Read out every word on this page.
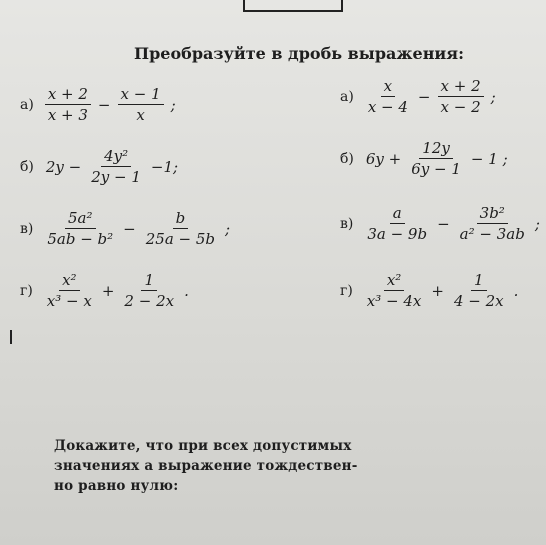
Преобразуйте в дробь выражения:
$а) \frac{x + 2}{x + 3} - \frac{x - 1}{x}$ ;
б) $2y - \frac{\text{4y²}}{2y - 1} -1$;
$в) \frac{\text{5a²}}{\text{5ab − b²}} - \frac{b}{25a - 5b}$ ;
$г) \frac{\text{x²}}{\text{x³ − x}} + \frac{1}{2 - 2x}$ .
$а) \frac{x}{x - 4} - \frac{x + 2}{x - 2}$ ;
б) $6y + \frac{12y}{6y - 1} - 1$ ;
$в) \frac{a}{3a - 9b} - \frac{\text{3b²}}{\text{a² − 3ab}}$ ;
$г) \frac{\text{x²}}{\text{x³ − 4x}} + \frac{1}{4 - 2x}$ .
Докажите, что при всех допустимых
значениях a выражение тождествен-
но равно нулю:
